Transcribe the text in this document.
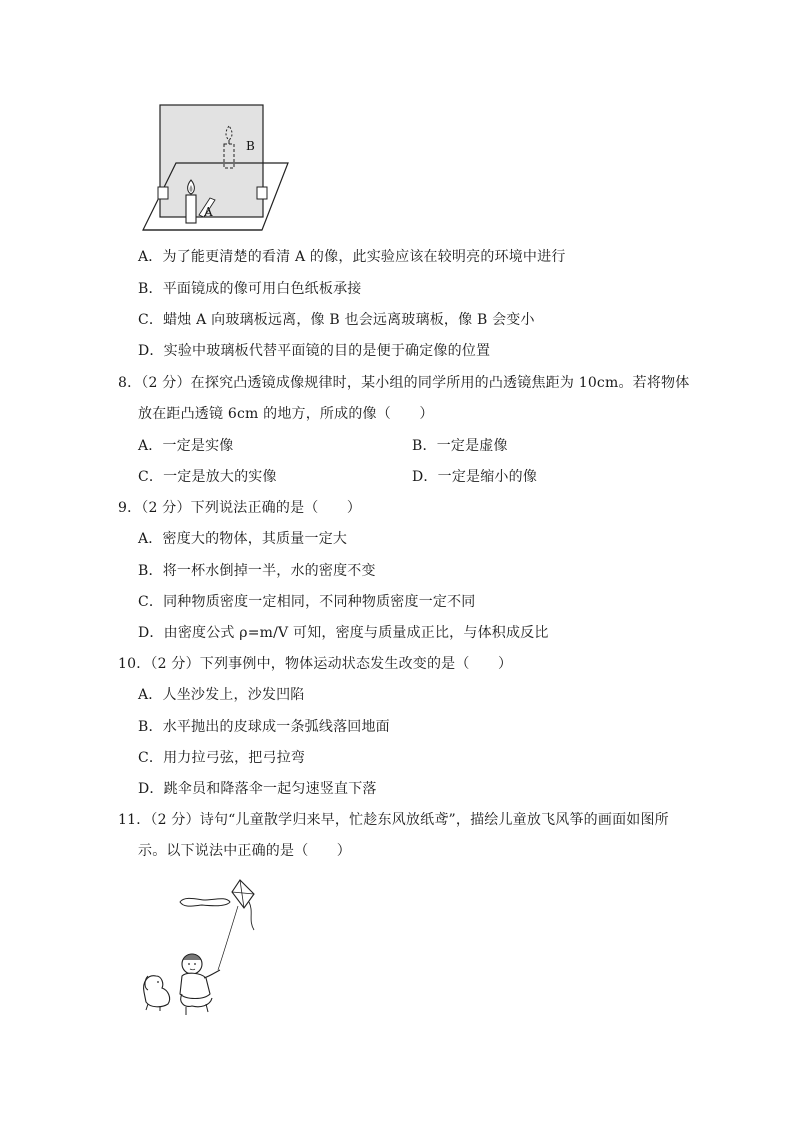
B
A
A．为了能更清楚的看清 A 的像，此实验应该在较明亮的环境中进行
B．平面镜成的像可用白色纸板承接
C．蜡烛 A 向玻璃板远离，像 B 也会远离玻璃板，像 B 会变小
D．实验中玻璃板代替平面镜的目的是便于确定像的位置
8．（2 分）在探究凸透镜成像规律时，某小组的同学所用的凸透镜焦距为 10cm。若将物体
放在距凸透镜 6cm 的地方，所成的像（　　）
A．一定是实像	B．一定是虚像
C．一定是放大的实像	D．一定是缩小的像
9．（2 分）下列说法正确的是（　　）
A．密度大的物体，其质量一定大
B．将一杯水倒掉一半，水的密度不变
C．同种物质密度一定相同，不同种物质密度一定不同
D．由密度公式 ρ=m/V 可知，密度与质量成正比，与体积成反比
10．（2 分）下列事例中，物体运动状态发生改变的是（　　）
A．人坐沙发上，沙发凹陷
B．水平抛出的皮球成一条弧线落回地面
C．用力拉弓弦，把弓拉弯
D．跳伞员和降落伞一起匀速竖直下落
11．（2 分）诗句“儿童散学归来早，忙趁东风放纸鸢”，描绘儿童放飞风筝的画面如图所
示。以下说法中正确的是（　　）
